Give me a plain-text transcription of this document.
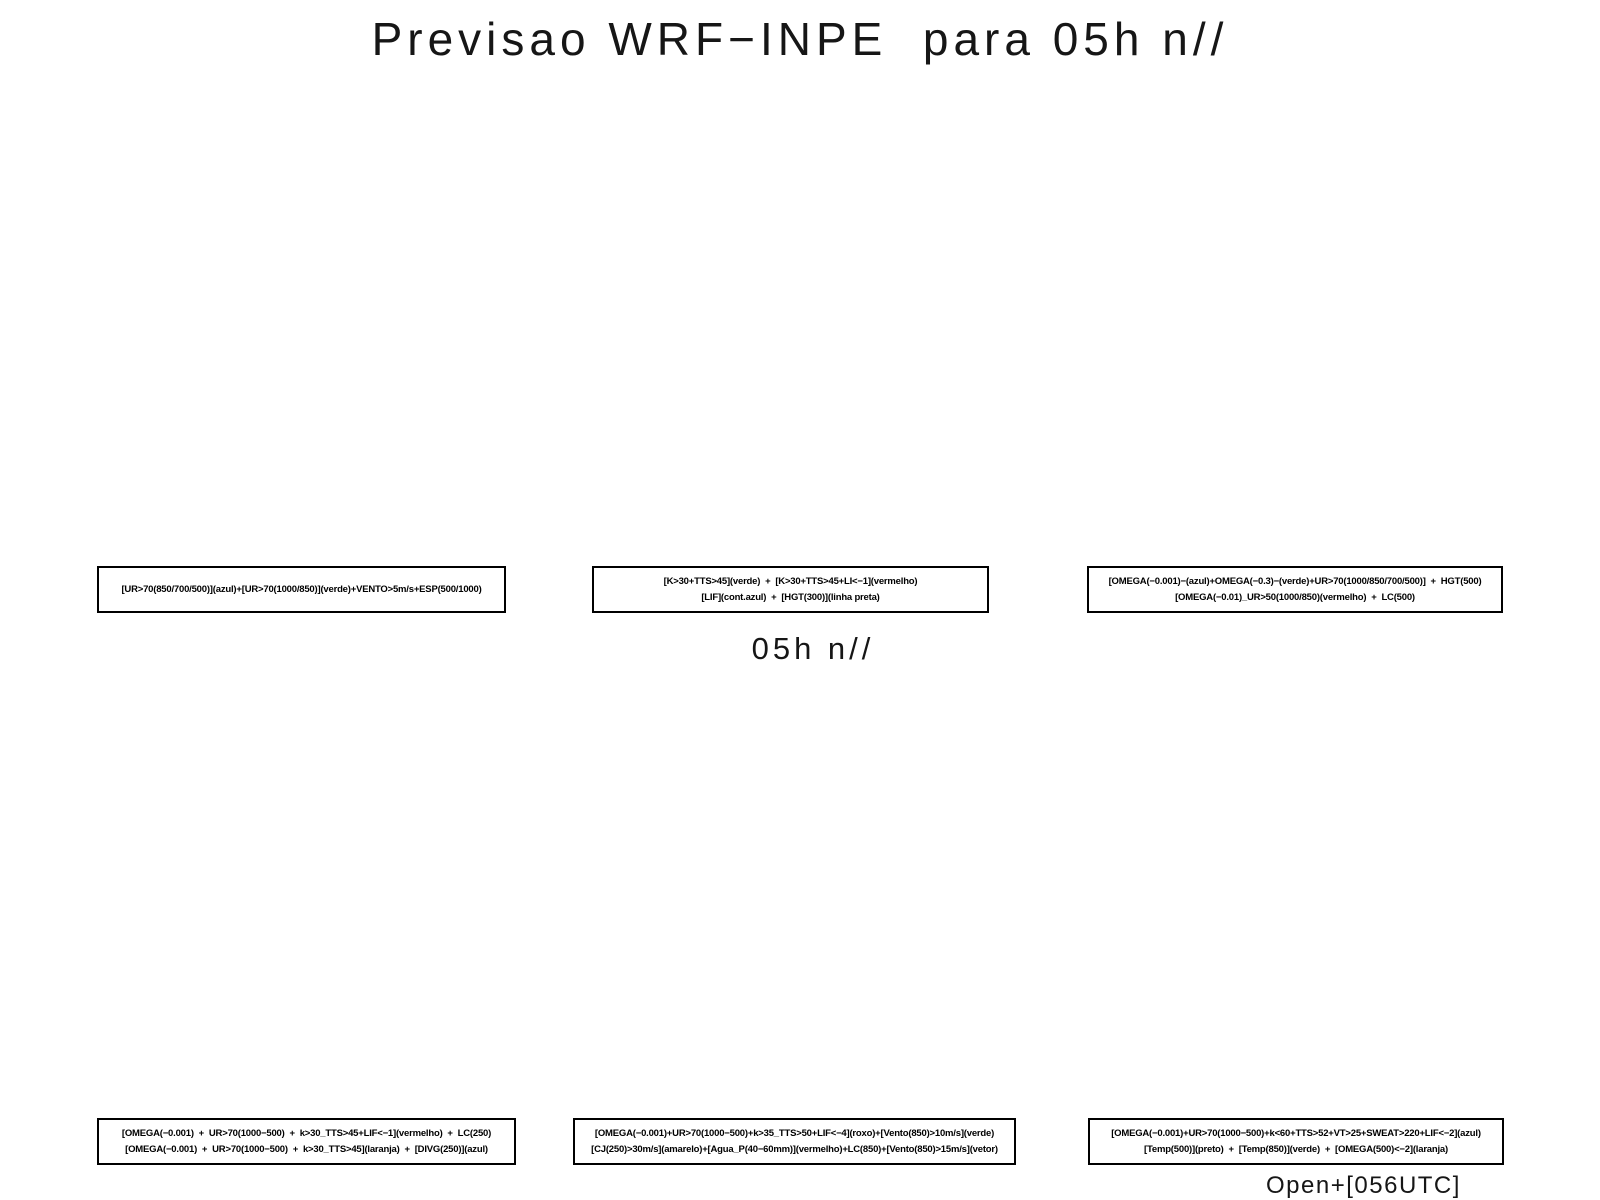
Previsao WRF−INPE  para 05h n//
[UR>70(850/700/500)](azul)+[UR>70(1000/850)](verde)+VENTO>5m/s+ESP(500/1000)
[K>30+TTS>45](verde)  +  [K>30+TTS>45+LI<−1](vermelho)
[LIF](cont.azul)  +  [HGT(300)](linha preta)
[OMEGA(−0.001)−(azul)+OMEGA(−0.3)−(verde)+UR>70(1000/850/700/500)]  +  HGT(500)
[OMEGA(−0.01)_UR>50(1000/850)(vermelho)  +  LC(500)
05h n//
[OMEGA(−0.001)  +  UR>70(1000−500)  +  k>30_TTS>45+LIF<−1](vermelho)  +  LC(250)
[OMEGA(−0.001)  +  UR>70(1000−500)  +  k>30_TTS>45](laranja)  +  [DIVG(250)](azul)
[OMEGA(−0.001)+UR>70(1000−500)+k>35_TTS>50+LIF<−4](roxo)+[Vento(850)>10m/s](verde)
[CJ(250)>30m/s](amarelo)+[Agua_P(40−60mm)](vermelho)+LC(850)+[Vento(850)>15m/s](vetor)
[OMEGA(−0.001)+UR>70(1000−500)+k<60+TTS>52+VT>25+SWEAT>220+LIF<−2](azul)
[Temp(500)](preto)  +  [Temp(850)](verde)  +  [OMEGA(500)<−2](laranja)
Open+[056UTC]
